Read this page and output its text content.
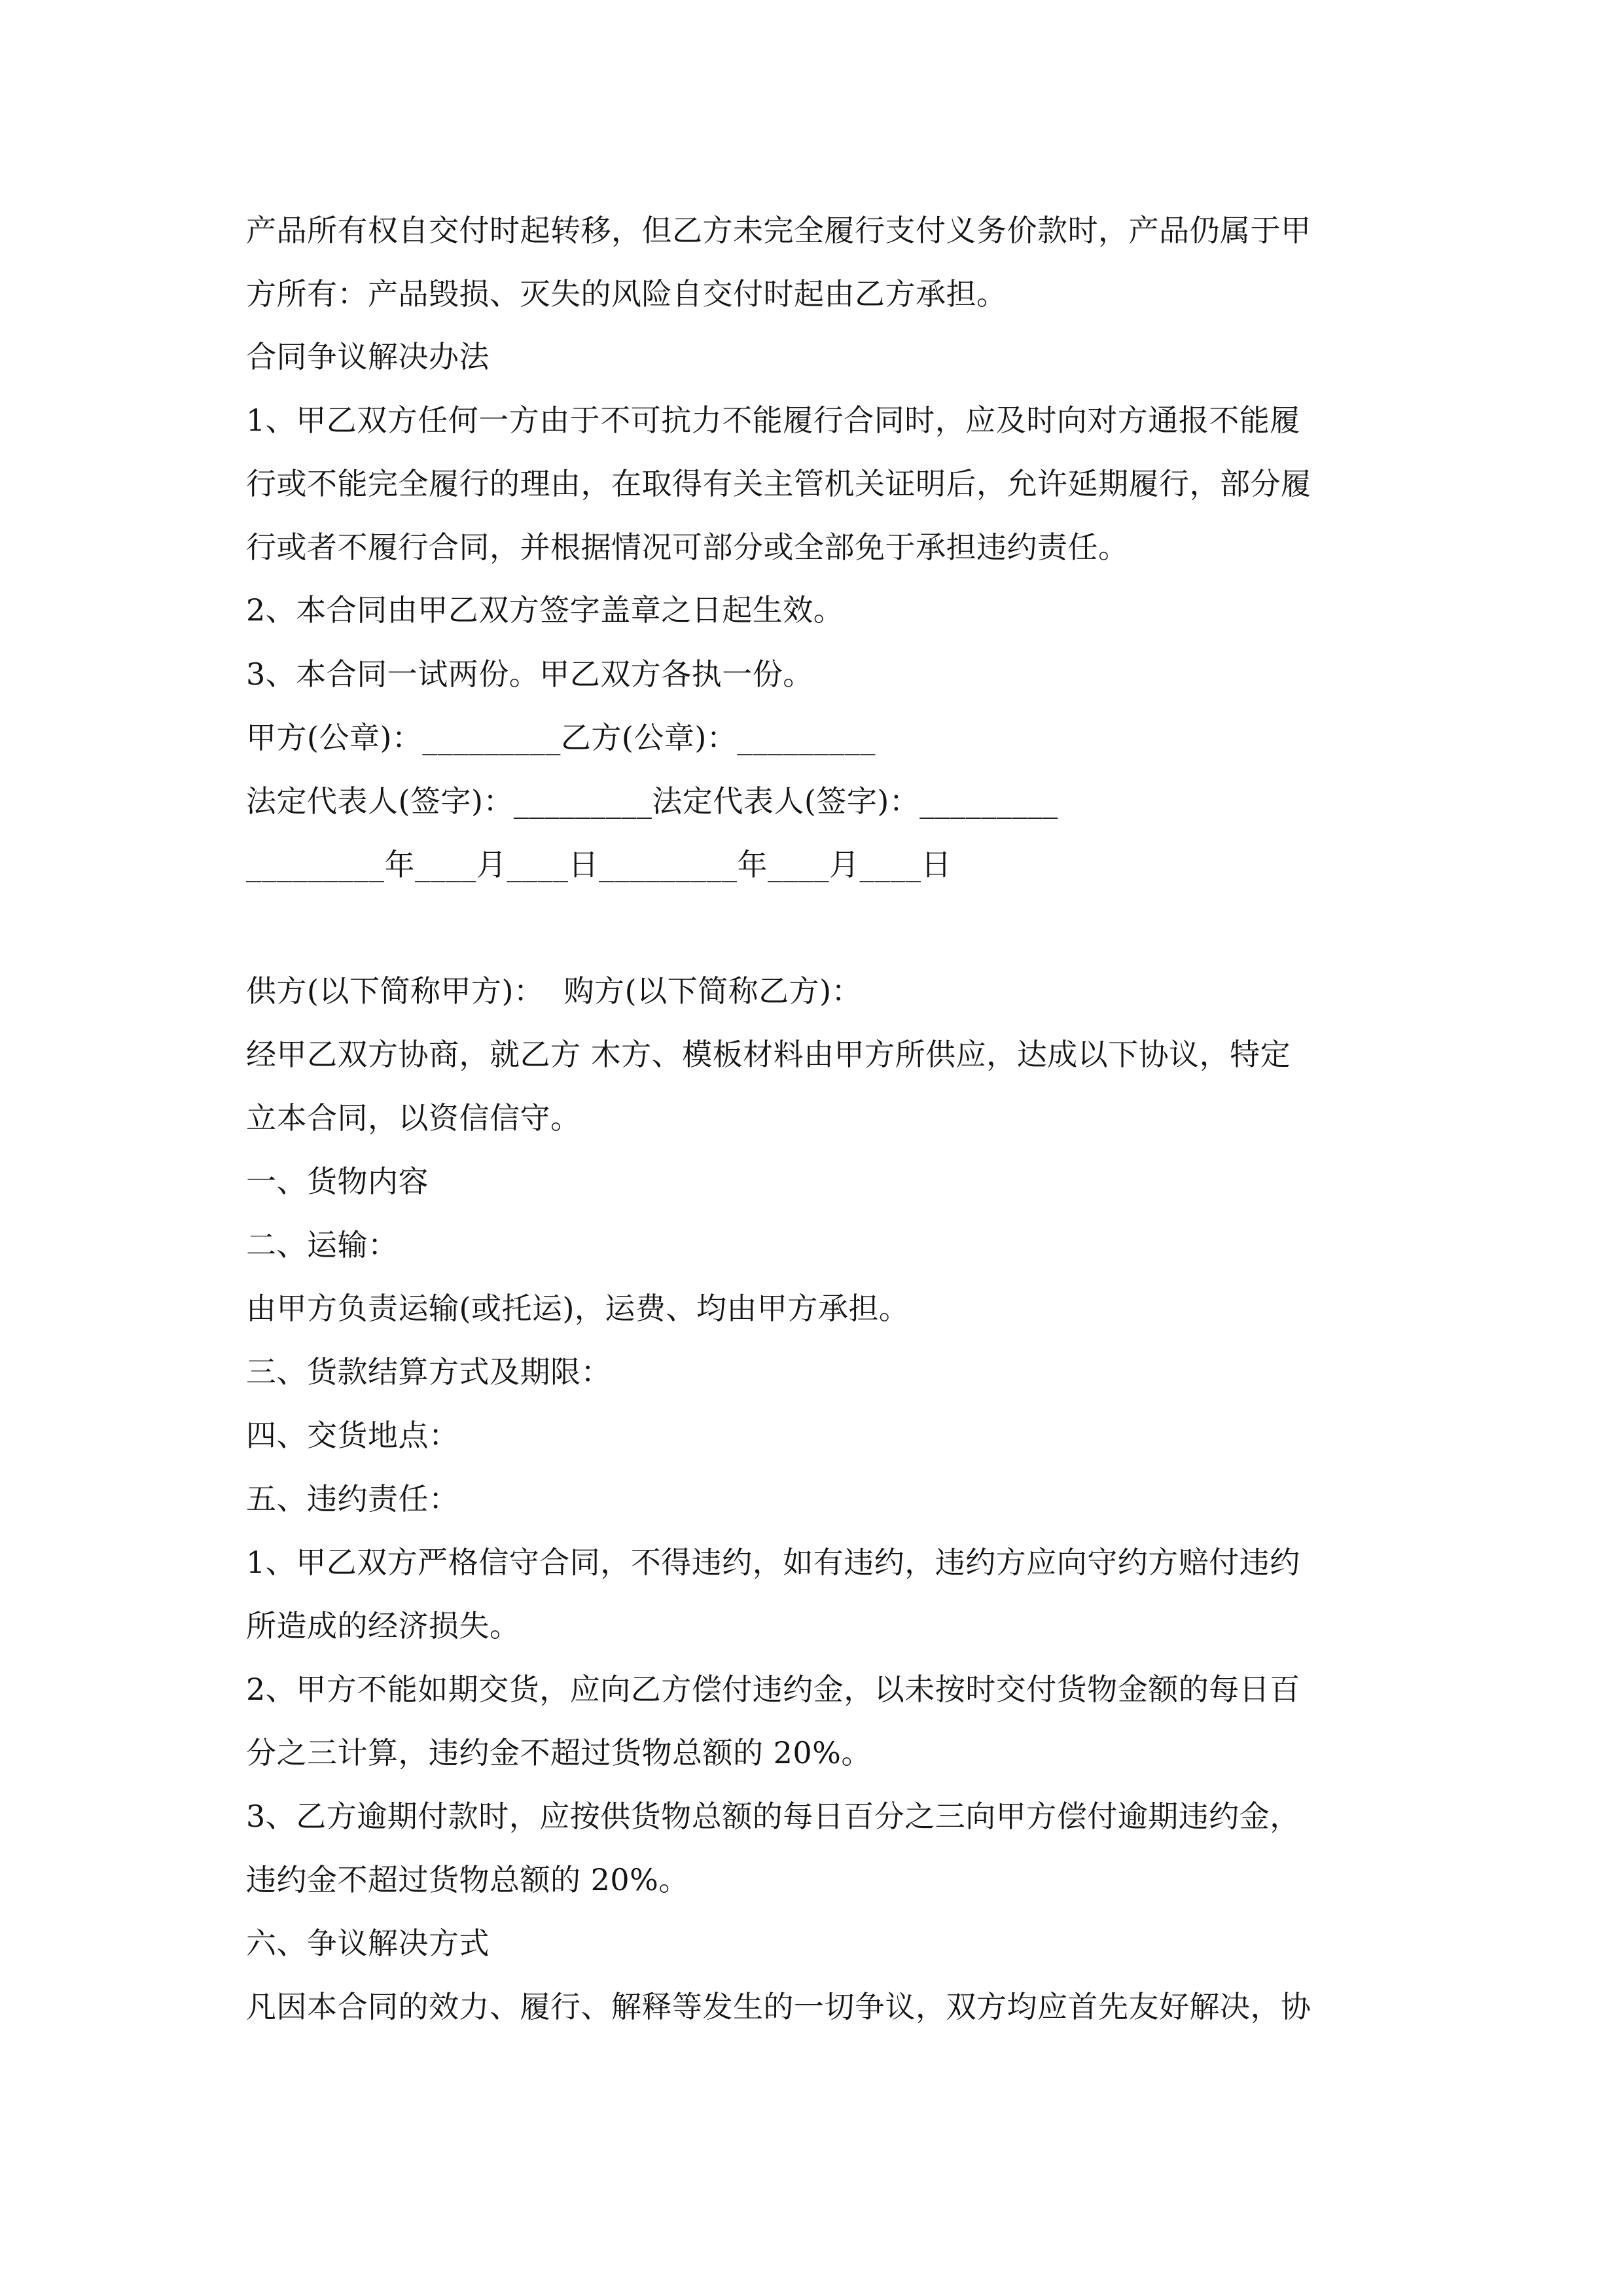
产品所有权自交付时起转移，但乙方未完全履行支付义务价款时，产品仍属于甲

方所有：产品毁损、灭失的风险自交付时起由乙方承担。

合同争议解决办法

1、甲乙双方任何一方由于不可抗力不能履行合同时，应及时向对方通报不能履

行或不能完全履行的理由，在取得有关主管机关证明后，允许延期履行，部分履

行或者不履行合同，并根据情况可部分或全部免于承担违约责任。

2、本合同由甲乙双方签字盖章之日起生效。

3、本合同一试两份。甲乙双方各执一份。

甲方(公章)：_________乙方(公章)：_________

法定代表人(签字)：_________法定代表人(签字)：_________

_________年____月____日_________年____月____日

供方(以下简称甲方)：  购方(以下简称乙方)：

经甲乙双方协商，就乙方 木方、模板材料由甲方所供应，达成以下协议，特定

立本合同，以资信信守。

一、货物内容

二、运输：

由甲方负责运输(或托运)，运费、均由甲方承担。

三、货款结算方式及期限：

四、交货地点：

五、违约责任：

1、甲乙双方严格信守合同，不得违约，如有违约，违约方应向守约方赔付违约

所造成的经济损失。

2、甲方不能如期交货，应向乙方偿付违约金，以未按时交付货物金额的每日百

分之三计算，违约金不超过货物总额的 20%。

3、乙方逾期付款时，应按供货物总额的每日百分之三向甲方偿付逾期违约金，

违约金不超过货物总额的 20%。

六、争议解决方式

凡因本合同的效力、履行、解释等发生的一切争议，双方均应首先友好解决，协
